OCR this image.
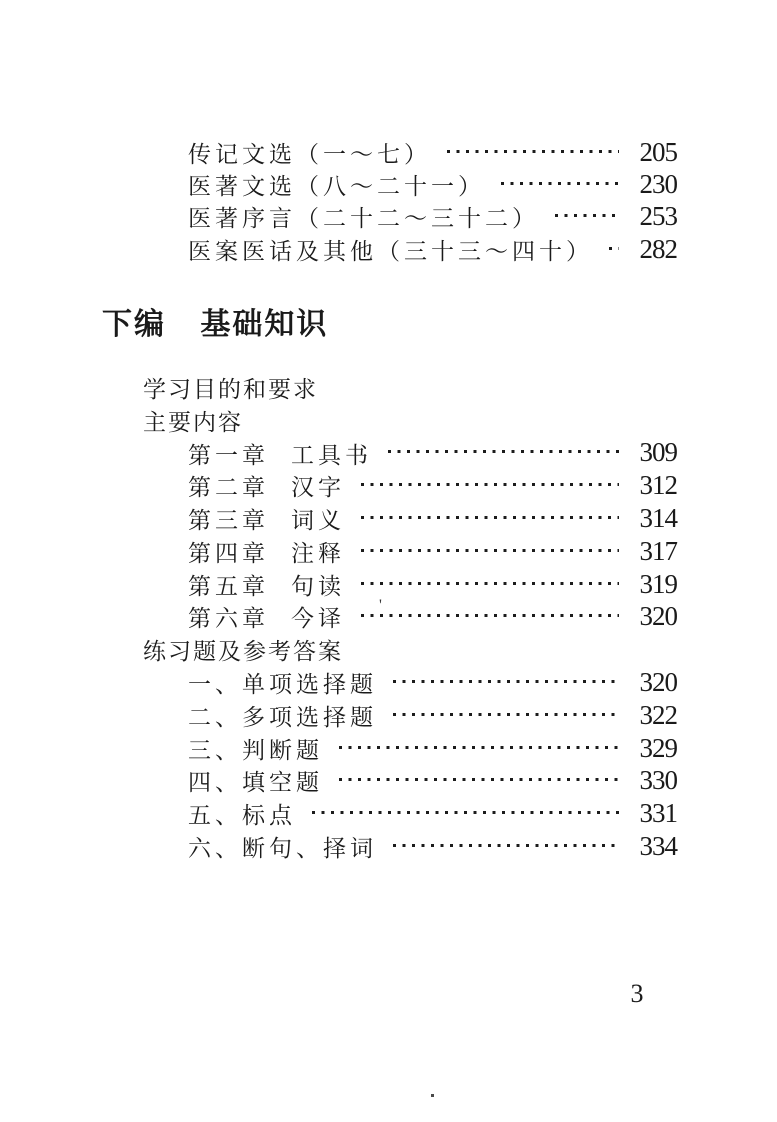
传记文选（一～七）	205
医著文选（八～二十一）	230
医著序言（二十二～三十二）	253
医案医话及其他（三十三～四十）	282
下编 基础知识
学习目的和要求
主要内容
第一章 工具书	309
第二章 汉字	312
第三章 词义	314
第四章 注释	317
第五章 句读	319
第六章 今译	320
练习题及参考答案
一、单项选择题	320
二、多项选择题	322
三、判断题	329
四、填空题	330
五、标点	331
六、断句、择词	334
3
'
